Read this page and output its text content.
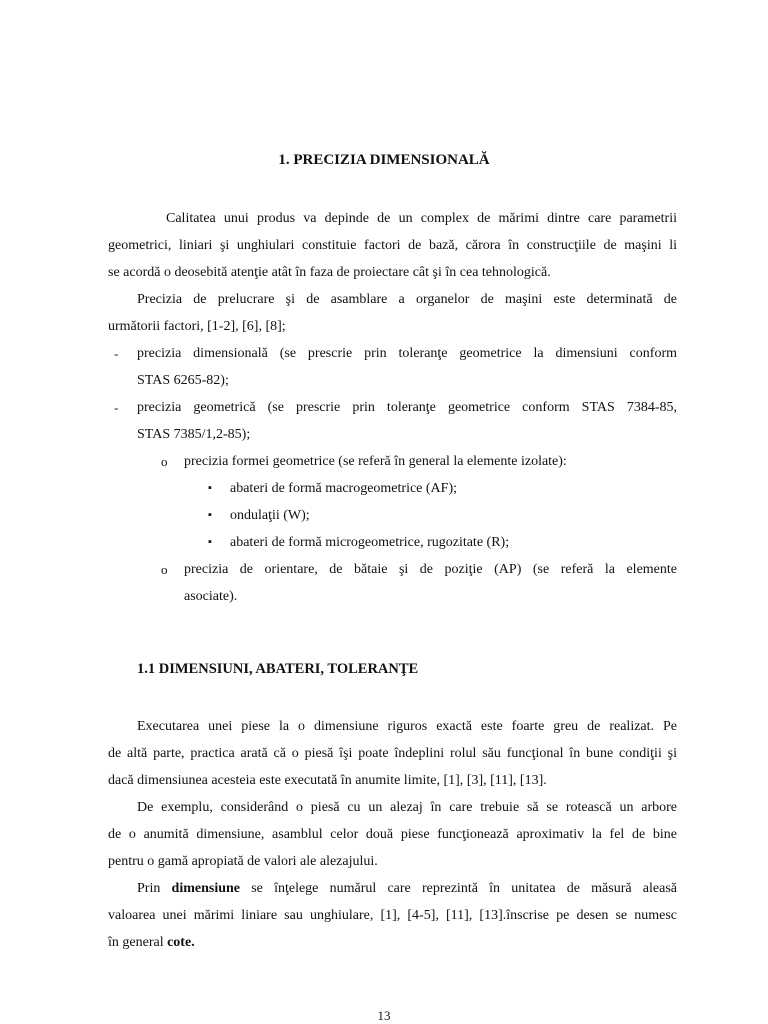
1. PRECIZIA DIMENSIONALĂ
Calitatea unui produs va depinde de un complex de mărimi dintre care parametrii
geometrici, liniari şi unghiulari constituie factori de bază, cărora în construcţiile de maşini li
se acordă o deosebită atenţie atât în faza de proiectare cât şi în cea tehnologică.
Precizia de prelucrare şi de asamblare a organelor de maşini este determinată de
următorii factori, [1-2], [6], [8];
- precizia dimensională (se prescrie prin toleranţe geometrice la dimensiuni conform
STAS 6265-82);
- precizia geometrică (se prescrie prin toleranţe geometrice conform STAS 7384-85,
STAS 7385/1,2-85);
o precizia formei geometrice (se referă în general la elemente izolate):
▪ abateri de formă macrogeometrice (AF);
▪ ondulaţii (W);
▪ abateri de formă microgeometrice, rugozitate (R);
o precizia de orientare, de bătaie şi de poziţie (AP) (se referă la elemente
asociate).
1.1 DIMENSIUNI, ABATERI, TOLERANŢE
Executarea unei piese la o dimensiune riguros exactă este foarte greu de realizat. Pe
de altă parte, practica arată că o piesă îşi poate îndeplini rolul său funcţional în bune condiţii şi
dacă dimensiunea acesteia este executată în anumite limite, [1], [3], [11], [13].
De exemplu, considerând o piesă cu un alezaj în care trebuie să se rotească un arbore
de o anumită dimensiune, asamblul celor două piese funcţionează aproximativ la fel de bine
pentru o gamă apropiată de valori ale alezajului.
Prin dimensiune se înţelege numărul care reprezintă în unitatea de măsură aleasă
valoarea unei mărimi liniare sau unghiulare, [1], [4-5], [11], [13].înscrise pe desen se numesc
în general cote.
13
